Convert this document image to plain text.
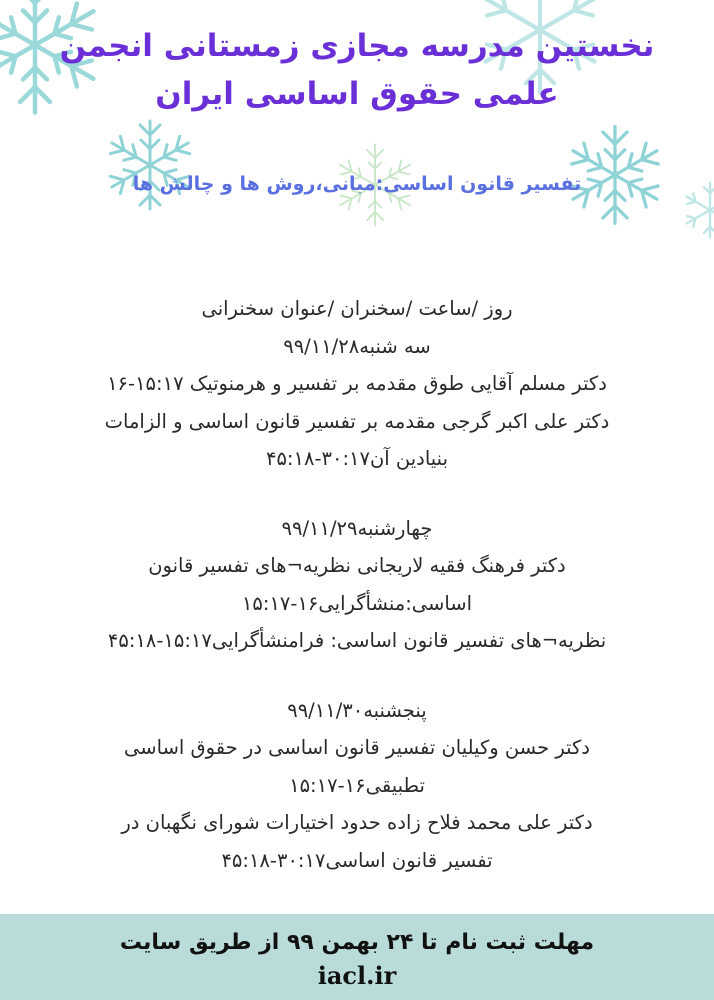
نخستین مدرسه مجازی زمستانی انجمن
علمی حقوق اساسی ایران
تفسیر قانون اساسی:مبانی،روش ها و چالش ها
روز /ساعت /سخنران /عنوان سخنرانی
سه شنبه۹۹/۱۱/۲۸
دکتر مسلم آقایی طوق مقدمه بر تفسیر و هرمنوتیک ۱۵:۱۷-۱۶
دکتر علی اکبر گرجی مقدمه بر تفسیر قانون اساسی و الزامات
بنیادین آن۳۰:۱۷-۴۵:۱۸
چهارشنبه۹۹/۱۱/۲۹
دکتر فرهنگ فقیه لاریجانی نظریه¬های تفسیر قانون
اساسی:منشأگرایی۱۶-۱۵:۱۷
نظریه¬های تفسیر قانون اساسی: فرامنشأگرایی۱۵:۱۷-۴۵:۱۸
پنجشنبه۹۹/۱۱/۳۰
دکتر حسن وکیلیان تفسیر قانون اساسی در حقوق اساسی
تطبیقی۱۶-۱۵:۱۷
دکتر علی محمد فلاح زاده حدود اختیارات شورای نگهبان در
تفسیر قانون اساسی۳۰:۱۷-۴۵:۱۸
مهلت ثبت نام تا ۲۴ بهمن ۹۹ از طریق سایت
iacl.ir
